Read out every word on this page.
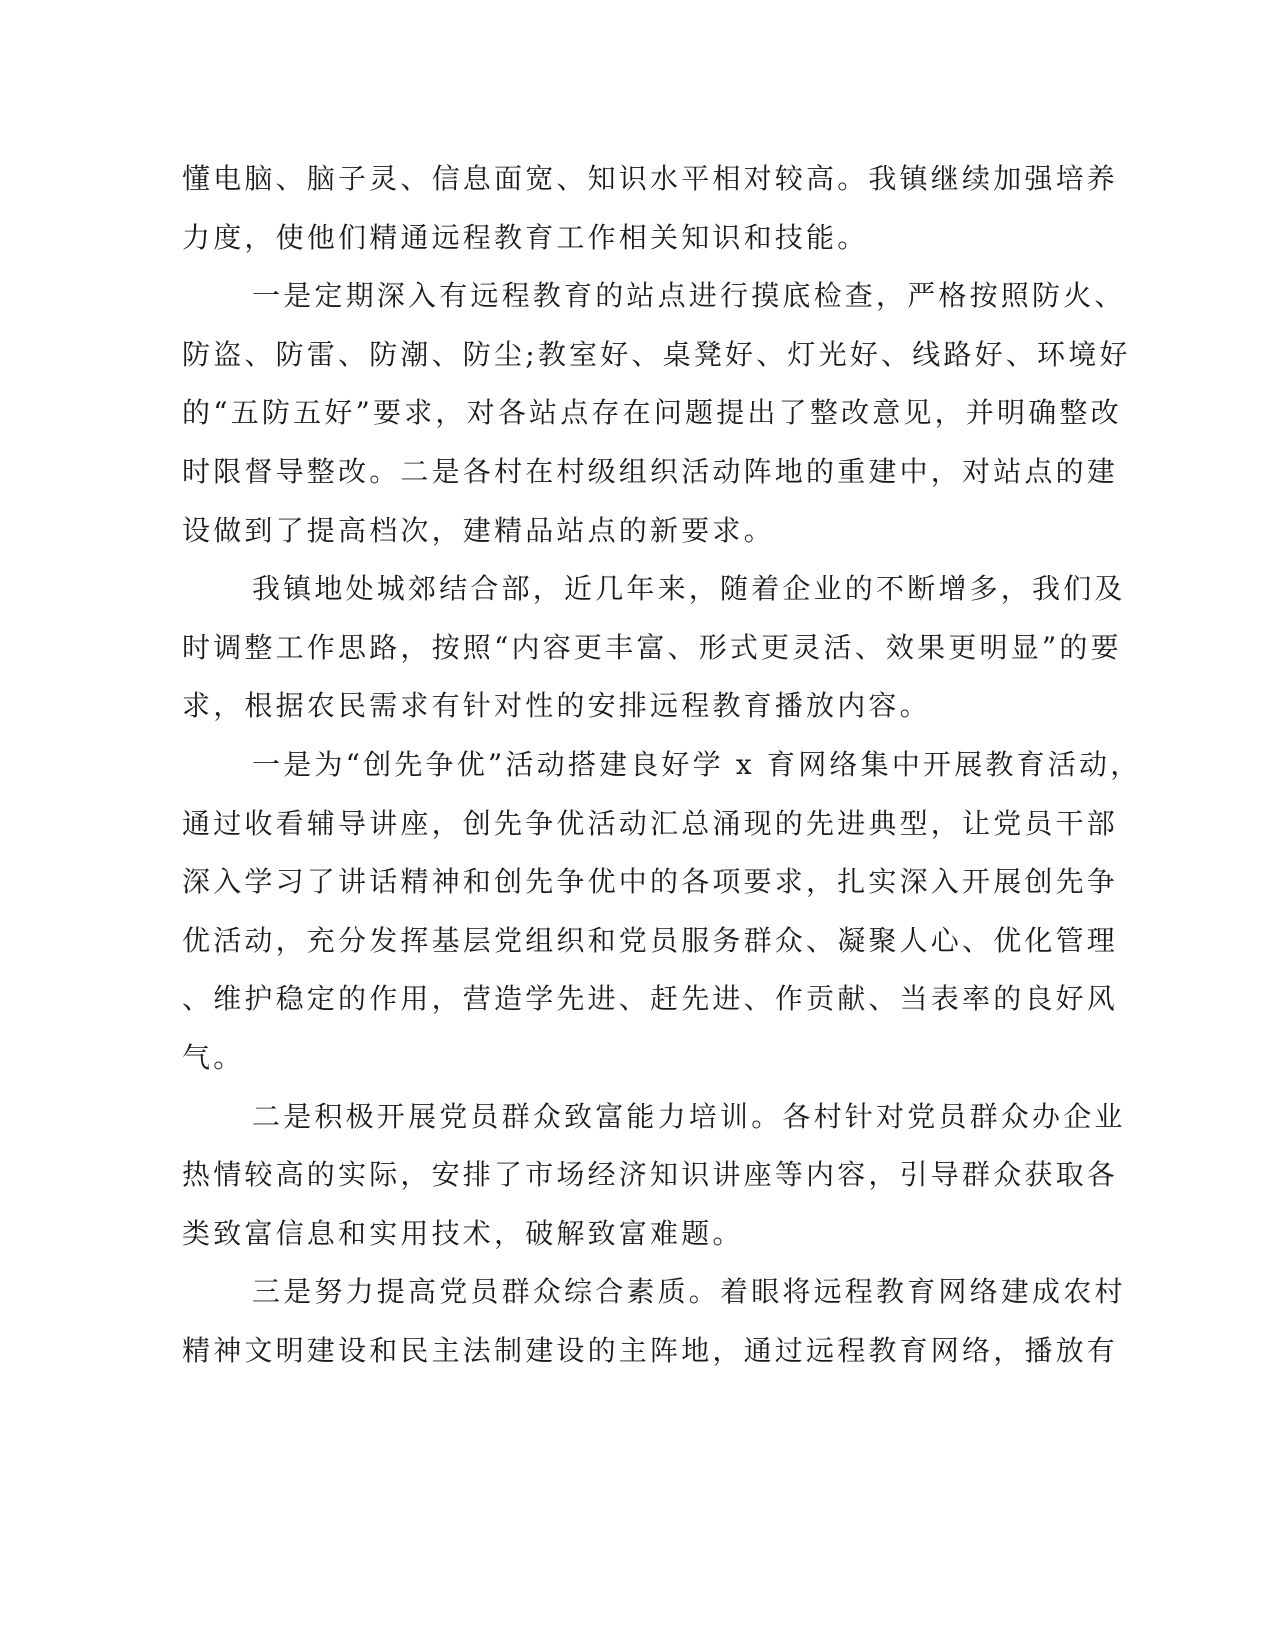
懂电脑、脑子灵、信息面宽、知识水平相对较高。我镇继续加强培养
力度，使他们精通远程教育工作相关知识和技能。
一是定期深入有远程教育的站点进行摸底检查，严格按照防火、
防盗、防雷、防潮、防尘;教室好、桌凳好、灯光好、线路好、环境好
的“五防五好”要求，对各站点存在问题提出了整改意见，并明确整改
时限督导整改。二是各村在村级组织活动阵地的重建中，对站点的建
设做到了提高档次，建精品站点的新要求。
我镇地处城郊结合部，近几年来，随着企业的不断增多，我们及
时调整工作思路，按照“内容更丰富、形式更灵活、效果更明显”的要
求，根据农民需求有针对性的安排远程教育播放内容。
一是为“创先争优”活动搭建良好学 x 育网络集中开展教育活动，
通过收看辅导讲座，创先争优活动汇总涌现的先进典型，让党员干部
深入学习了讲话精神和创先争优中的各项要求，扎实深入开展创先争
优活动，充分发挥基层党组织和党员服务群众、凝聚人心、优化管理
、维护稳定的作用，营造学先进、赶先进、作贡献、当表率的良好风
气。
二是积极开展党员群众致富能力培训。各村针对党员群众办企业
热情较高的实际，安排了市场经济知识讲座等内容，引导群众获取各
类致富信息和实用技术，破解致富难题。
三是努力提高党员群众综合素质。着眼将远程教育网络建成农村
精神文明建设和民主法制建设的主阵地，通过远程教育网络，播放有
